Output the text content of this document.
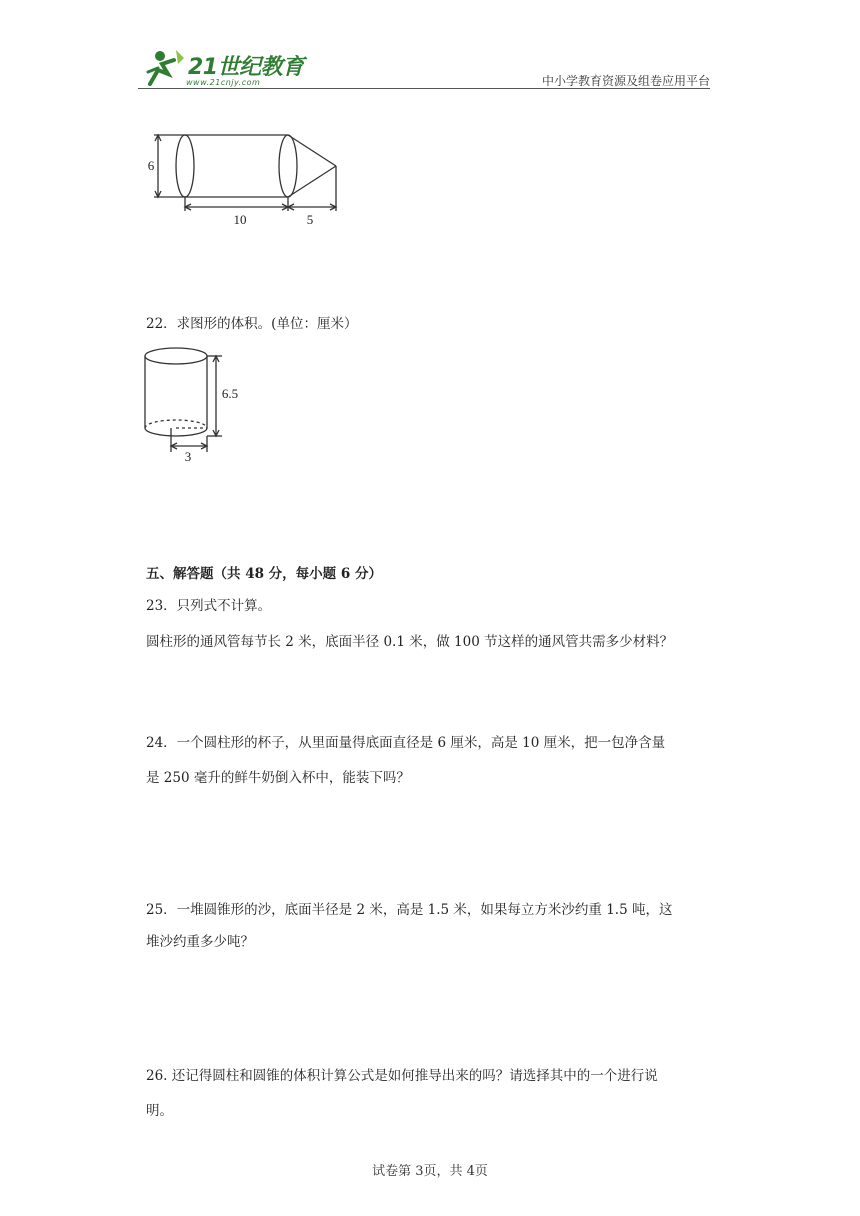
21世纪教育
www.21cnjy.com	中小学教育资源及组卷应用平台
6
10	5
22．求图形的体积。(单位：厘米）
6.5
3
五、解答题（共 48 分，每小题 6 分）
23．只列式不计算。
圆柱形的通风管每节长 2 米，底面半径 0.1 米，做 100 节这样的通风管共需多少材料？
24．一个圆柱形的杯子，从里面量得底面直径是 6 厘米，高是 10 厘米，把一包净含量
是 250 毫升的鲜牛奶倒入杯中，能装下吗？
25．一堆圆锥形的沙，底面半径是 2 米，高是 1.5 米，如果每立方米沙约重 1.5 吨，这
堆沙约重多少吨？
26. 还记得圆柱和圆锥的体积计算公式是如何推导出来的吗？请选择其中的一个进行说
明。
试卷第 3页，共 4页
